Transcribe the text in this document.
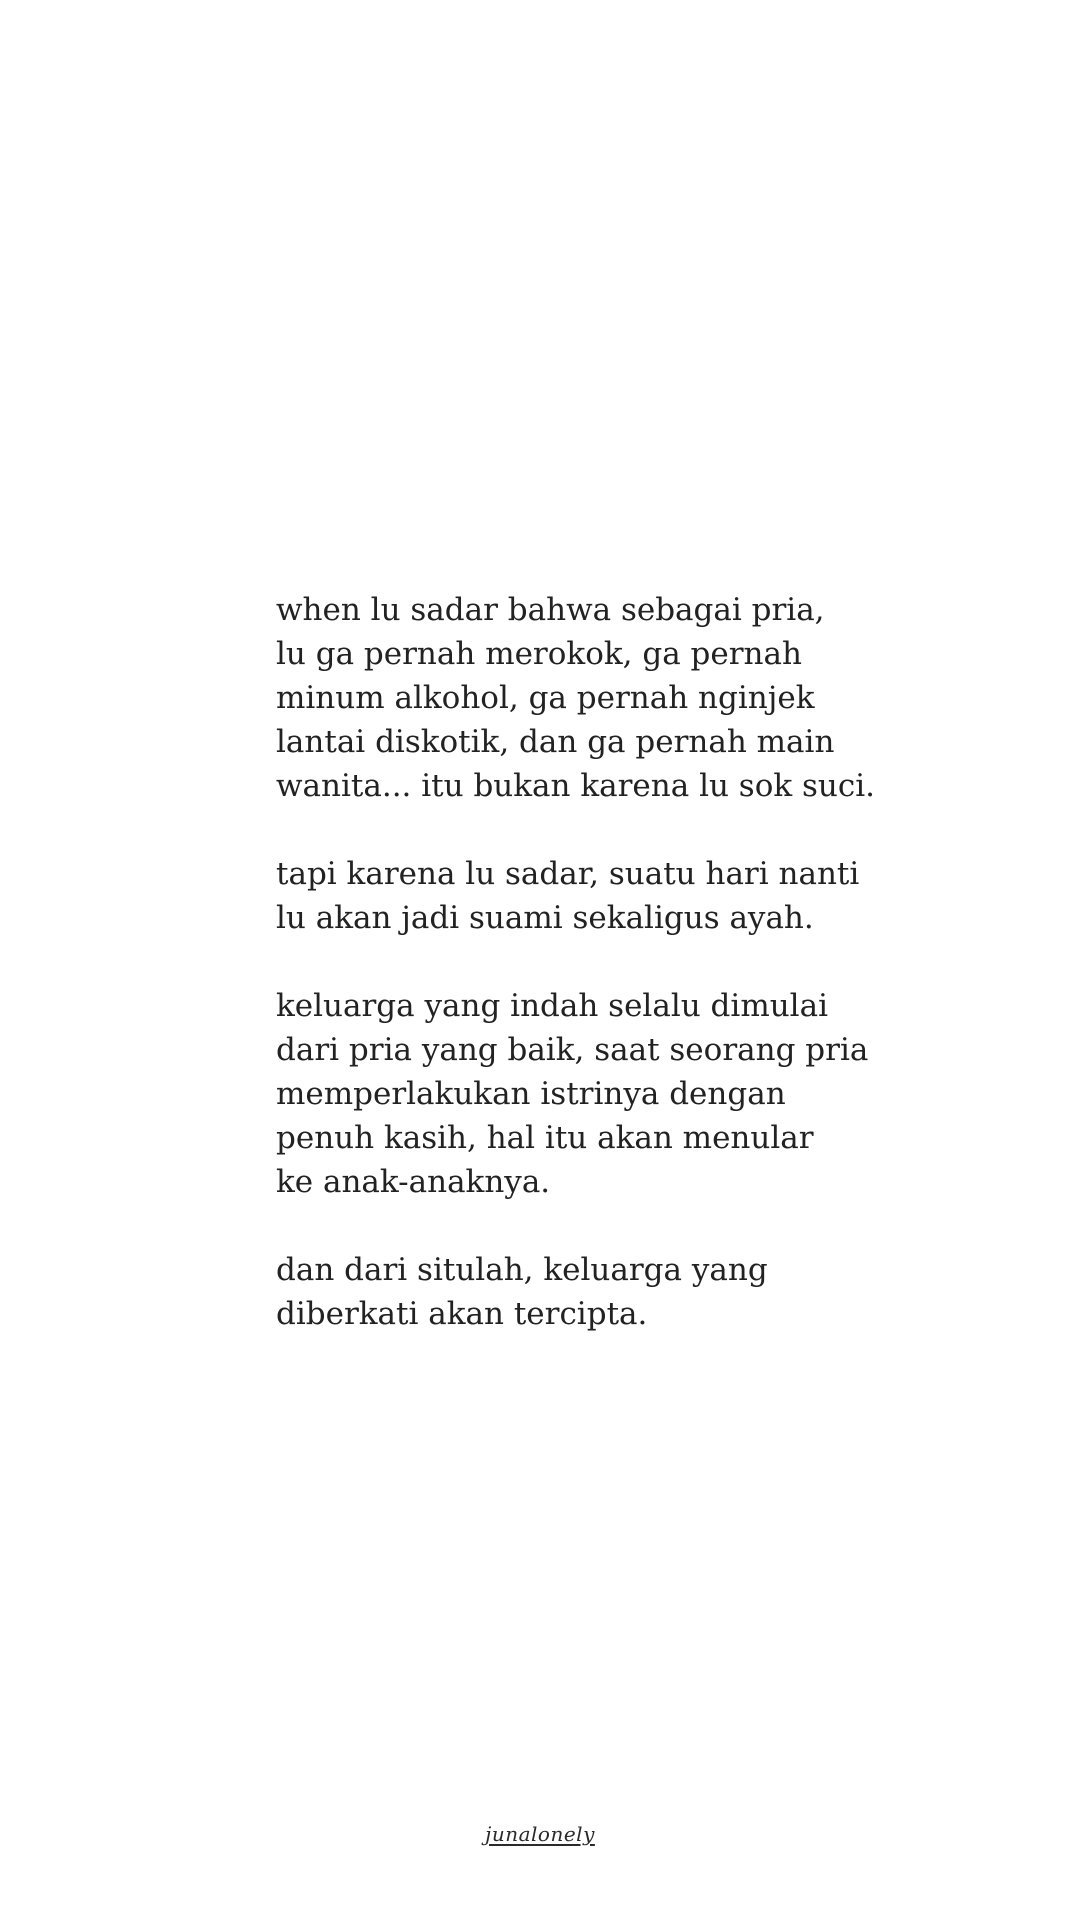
when lu sadar bahwa sebagai pria,
lu ga pernah merokok, ga pernah
minum alkohol, ga pernah nginjek
lantai diskotik, dan ga pernah main
wanita... itu bukan karena lu sok suci.
tapi karena lu sadar, suatu hari nanti
lu akan jadi suami sekaligus ayah.
keluarga yang indah selalu dimulai
dari pria yang baik, saat seorang pria
memperlakukan istrinya dengan
penuh kasih, hal itu akan menular
ke anak-anaknya.
dan dari situlah, keluarga yang
diberkati akan tercipta.
junalonely
